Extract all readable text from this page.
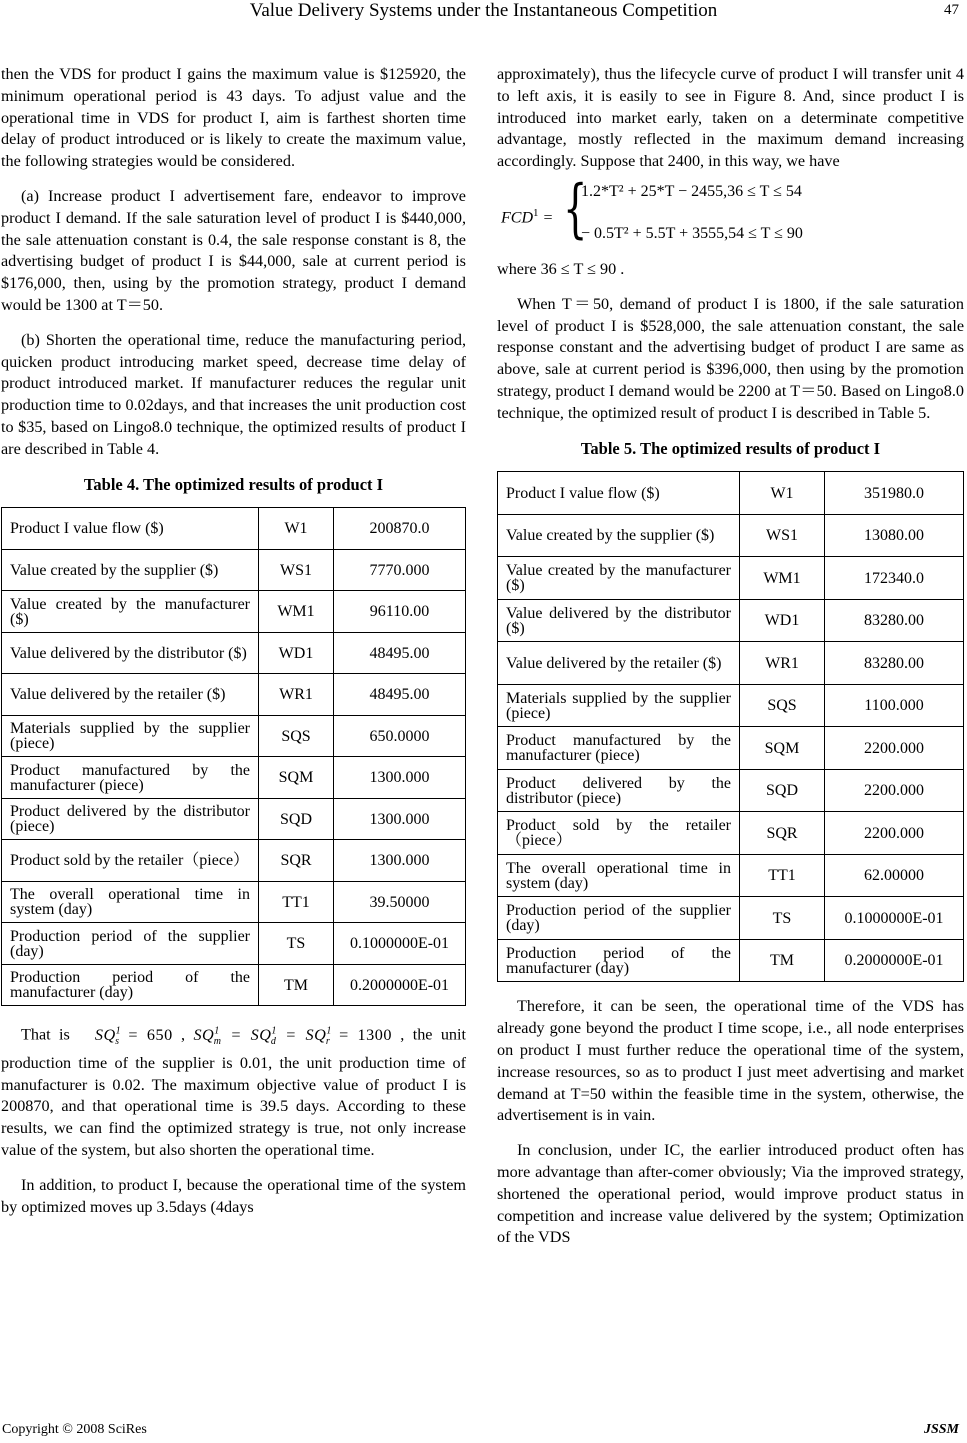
Value Delivery Systems under the Instantaneous Competition	47

then the VDS for product I gains the maximum value is $125920, the minimum operational period is 43 days. To adjust value and the operational time in VDS for product I, aim is farthest shorten time delay of product introduced or is likely to create the maximum value, the following strategies would be considered.

(a) Increase product I advertisement fare, endeavor to improve product I demand. If the sale saturation level of product I is $440,000, the sale attenuation constant is 0.4, the sale response constant is 8, the advertising budget of product I is $44,000, sale at current period is $176,000, then, using by the promotion strategy, product I demand would be 1300 at T＝50.

(b) Shorten the operational time, reduce the manufacturing period, quicken product introducing market speed, decrease time delay of product introduced market. If manufacturer reduces the regular unit production time to 0.02days, and that increases the unit production cost to $35, based on Lingo8.0 technique, the optimized results of product I are described in Table 4.

Table 4. The optimized results of product I
Product I value flow ($)	W1	200870.0
Value created by the supplier ($)	WS1	7770.000
Value created by the manufacturer ($)	WM1	96110.00
Value delivered by the distributor ($)	WD1	48495.00
Value delivered by the retailer ($)	WR1	48495.00
Materials supplied by the supplier (piece)	SQS	650.0000
Product manufactured by the manufacturer (piece)	SQM	1300.000
Product delivered by the distributor (piece)	SQD	1300.000
Product sold by the retailer（piece）	SQR	1300.000
The overall operational time in system (day)	TT1	39.50000
Production period of the supplier (day)	TS	0.1000000E-01
Production period of the manufacturer (day)	TM	0.2000000E-01

That is $SQ^1_s = 650$ , $SQ^1_m = SQ^1_d = SQ^1_r = 1300$ , the unit production time of the supplier is 0.01, the unit production time of manufacturer is 0.02. The maximum objective value of product I is 200870, and that operational time is 39.5 days. According to these results, we can find the optimized strategy is true, not only increase value of the system, but also shorten the operational time.

In addition, to product I, because the operational time of the system by optimized moves up 3.5days (4days

approximately), thus the lifecycle curve of product I will transfer unit 4 to left axis, it is easily to see in Figure 8. And, since product I is introduced into market early, taken on a determinate competitive advantage, mostly reflected in the maximum demand increasing accordingly. Suppose that 2400, in this way, we have

$FCD^1$ = {
1.2*T² + 25*T − 2455,36 ≤ T ≤ 54
− 0.5T² + 5.5T + 3555,54 ≤ T ≤ 90

where 36 ≤ T ≤ 90 .

When T＝50, demand of product I is 1800, if the sale saturation level of product I is $528,000, the sale attenuation constant, the sale response constant and the advertising budget of product I are same as above, sale at current period is $396,000, then using by the promotion strategy, product I demand would be 2200 at T＝50. Based on Lingo8.0 technique, the optimized result of product I is described in Table 5.

Table 5. The optimized results of product I
Product I value flow ($)	W1	351980.0
Value created by the supplier ($)	WS1	13080.00
Value created by the manufacturer ($)	WM1	172340.0
Value delivered by the distributor ($)	WD1	83280.00
Value delivered by the retailer ($)	WR1	83280.00
Materials supplied by the supplier (piece)	SQS	1100.000
Product manufactured by the manufacturer (piece)	SQM	2200.000
Product delivered by the distributor (piece)	SQD	2200.000
Product sold by the retailer（piece）	SQR	2200.000
The overall operational time in system (day)	TT1	62.00000
Production period of the supplier (day)	TS	0.1000000E-01
Production period of the manufacturer (day)	TM	0.2000000E-01

Therefore, it can be seen, the operational time of the VDS has already gone beyond the product I time scope, i.e., all node enterprises on product I must further reduce the operational time of the system, increase resources, so as to product I just meet advertising and market demand at T=50 within the feasible time in the system, otherwise, the advertisement is in vain.

In conclusion, under IC, the earlier introduced product often has more advantage than after-comer obviously; Via the improved strategy, shortened the operational period, would improve product status in competition and increase value delivered by the system; Optimization of the VDS

Copyright © 2008 SciRes	JSSM
